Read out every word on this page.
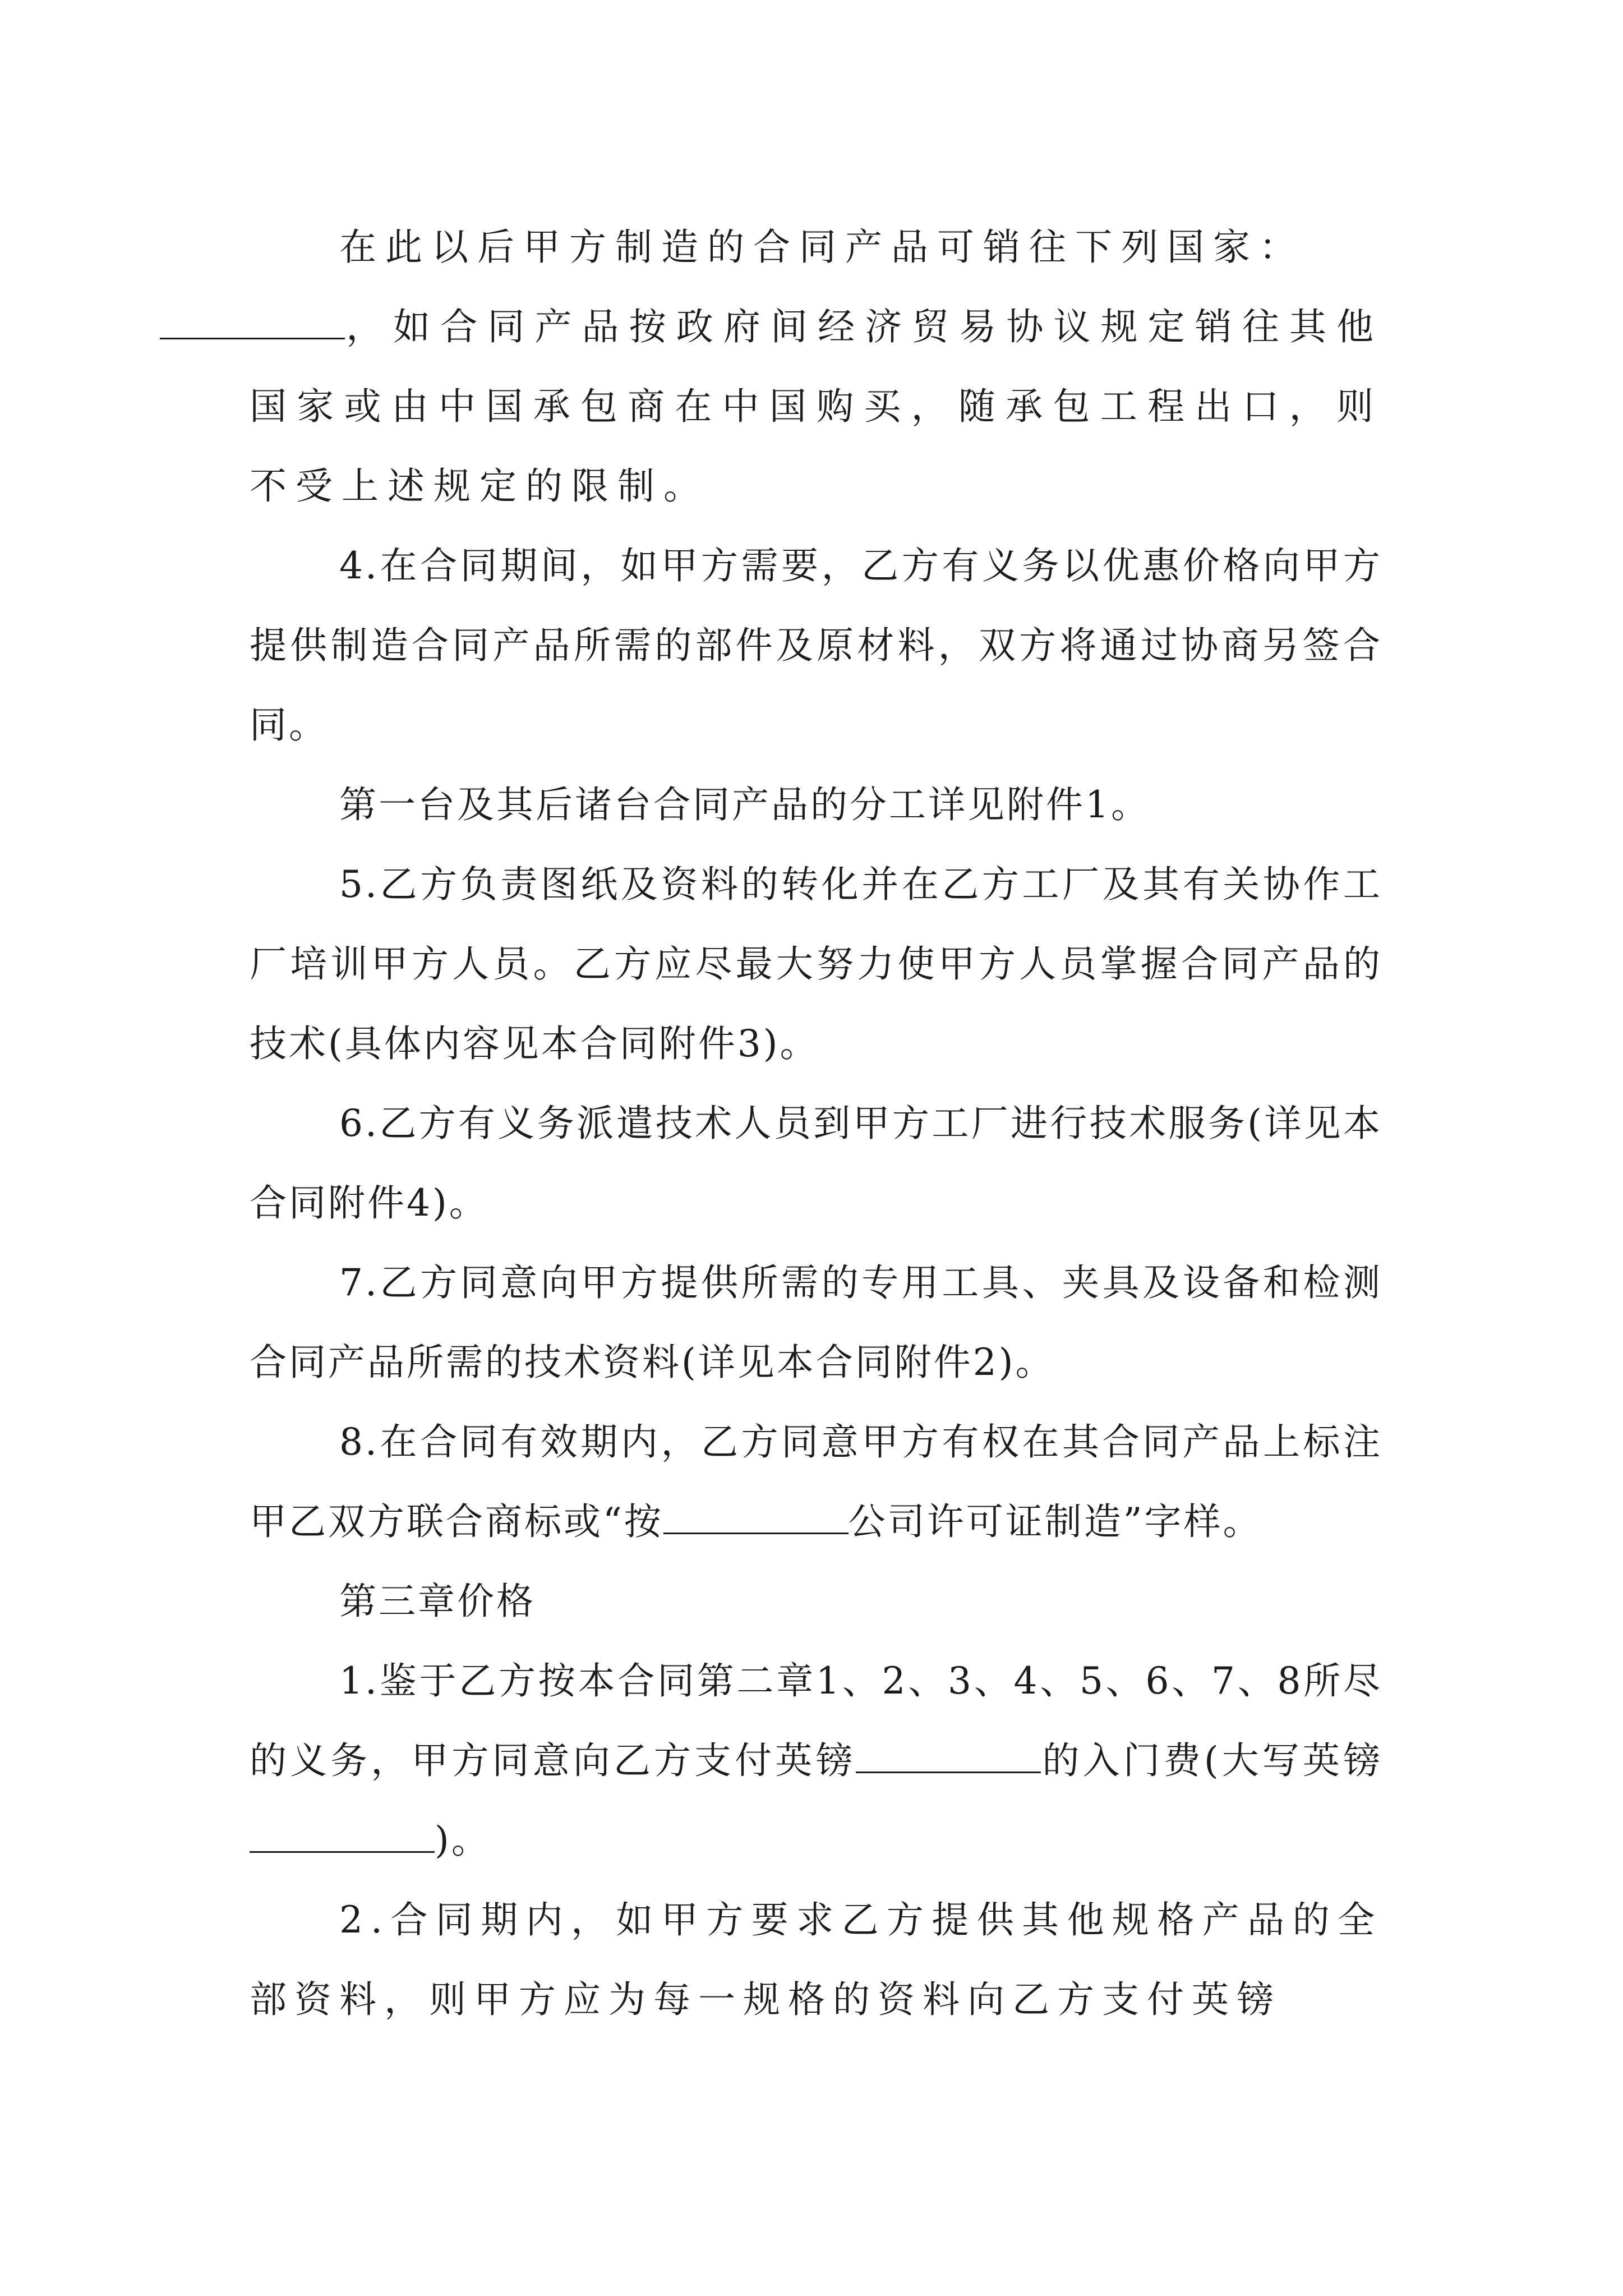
在此以后甲方制造的合同产品可销往下列国家：
，如合同产品按政府间经济贸易协议规定销往其他国家或由中国承包商在中国购买，随承包工程出口，则不受上述规定的限制。

4.在合同期间，如甲方需要，乙方有义务以优惠价格向甲方提供制造合同产品所需的部件及原材料，双方将通过协商另签合同。

第一台及其后诸台合同产品的分工详见附件1。

5.乙方负责图纸及资料的转化并在乙方工厂及其有关协作工厂培训甲方人员。乙方应尽最大努力使甲方人员掌握合同产品的技术(具体内容见本合同附件3)。

6.乙方有义务派遣技术人员到甲方工厂进行技术服务(详见本合同附件4)。

7.乙方同意向甲方提供所需的专用工具、夹具及设备和检测合同产品所需的技术资料(详见本合同附件2)。

8.在合同有效期内，乙方同意甲方有权在其合同产品上标注甲乙双方联合商标或“按	公司许可证制造”字样。

第三章价格

1.鉴于乙方按本合同第二章1、2、3、4、5、6、7、8所尽的义务，甲方同意向乙方支付英镑	的入门费(大写英镑)。

2.合同期内，如甲方要求乙方提供其他规格产品的全部资料，则甲方应为每一规格的资料向乙方支付英镑
